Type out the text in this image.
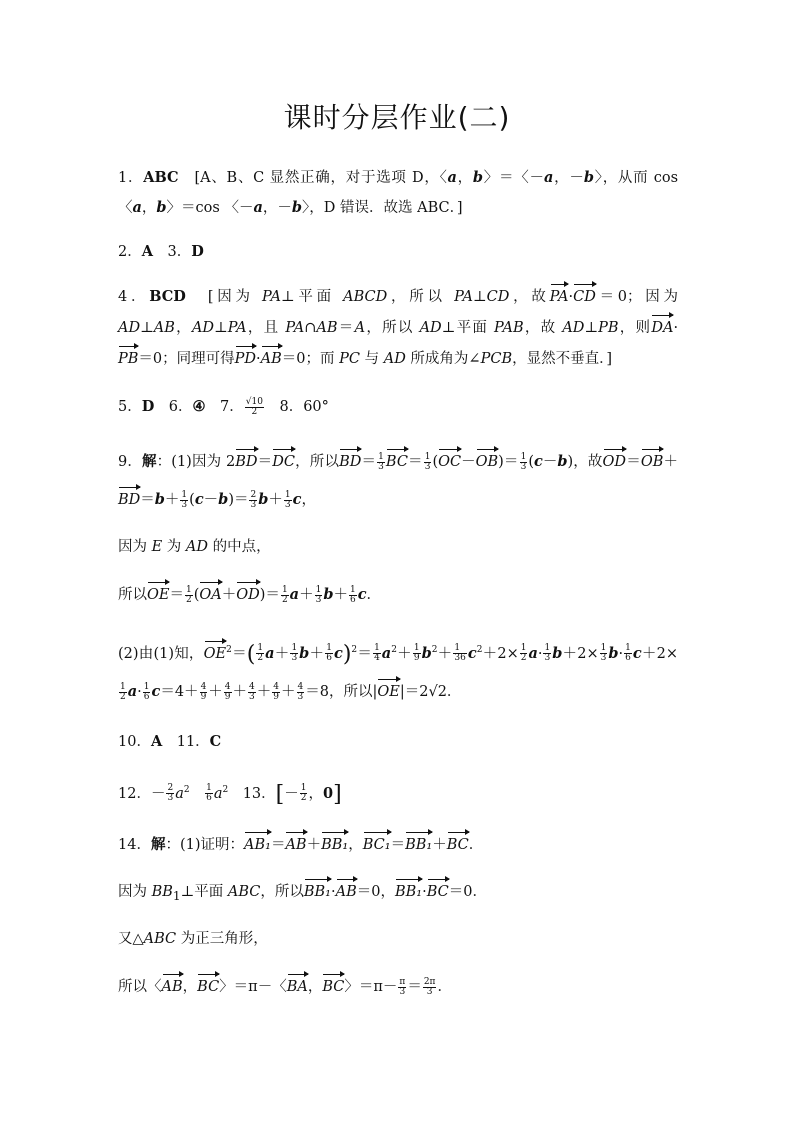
课时分层作业(二)
1．ABC　[A、B、C 显然正确，对于选项 D，〈a，b〉＝〈－a，－b〉，从而 cos
〈a，b〉＝cos 〈－a，－b〉，D 错误．故选 ABC．]
2．A　3．D
4．BCD　[因为 PA⊥平面 ABCD，所以 PA⊥CD，故PA·CD＝0；因为
AD⊥AB，AD⊥PA，且 PA∩AB＝A，所以 AD⊥平面 PAB，故 AD⊥PB，则DA·
PB＝0；同理可得PD·AB＝0；而 PC 与 AD 所成角为∠PCB，显然不垂直．]
5．D　6．④　7． $\frac{√10}{2}$ 　8．60°
9．解：(1)因为 2BD＝DC，所以$BD= \frac{1}{3} BC= \frac{1}{3} (OC-OB)= \frac{1}{3} (c-b)$，故OD＝OB＋
$BD=b+ \frac{1}{3} (c-b)= \frac{2}{3} b+ \frac{1}{3}$ c，
因为 E 为 AD 的中点，
所以$OE= \frac{1}{2} (OA+OD)= \frac{1}{2} a+ \frac{1}{3} b+ \frac{1}{6}$ c．
(2)由(1)知，$OE^2=( \frac{1}{2} a+ \frac{1}{3} b+ \frac{1}{6} c)^2= \frac{1}{4} a^2+ \frac{1}{9} b^2+ \frac{1}{36} c^2+2\times \frac{1}{2} a\cdot \frac{1}{3} b+2\times \frac{1}{3} b\cdot \frac{1}{6} c+2\times$
$\frac{1}{2} a\cdot \frac{1}{6} c=4+ \frac{4}{9} + \frac{4}{9} + \frac{4}{3} + \frac{4}{9} + \frac{4}{3} =8$，所以|OE|＝2√2．
10．A　11．C
12．－ $\frac{2}{3} a^2$　 $\frac{1}{6} a^2$　13．[－ $\frac{1}{2}$ ，0]
14．解：(1)证明：AB₁＝AB＋BB₁，BC₁＝BB₁＋BC．
因为 $BB_1\perp$平面 ABC，所以BB₁·AB＝0，BB₁·BC＝0．
又△ABC 为正三角形，
所以〈AB，BC〉＝π－〈BA，BC〉$=\pi- \frac{\pi}{3} = \frac{2\pi}{3}$ ．
